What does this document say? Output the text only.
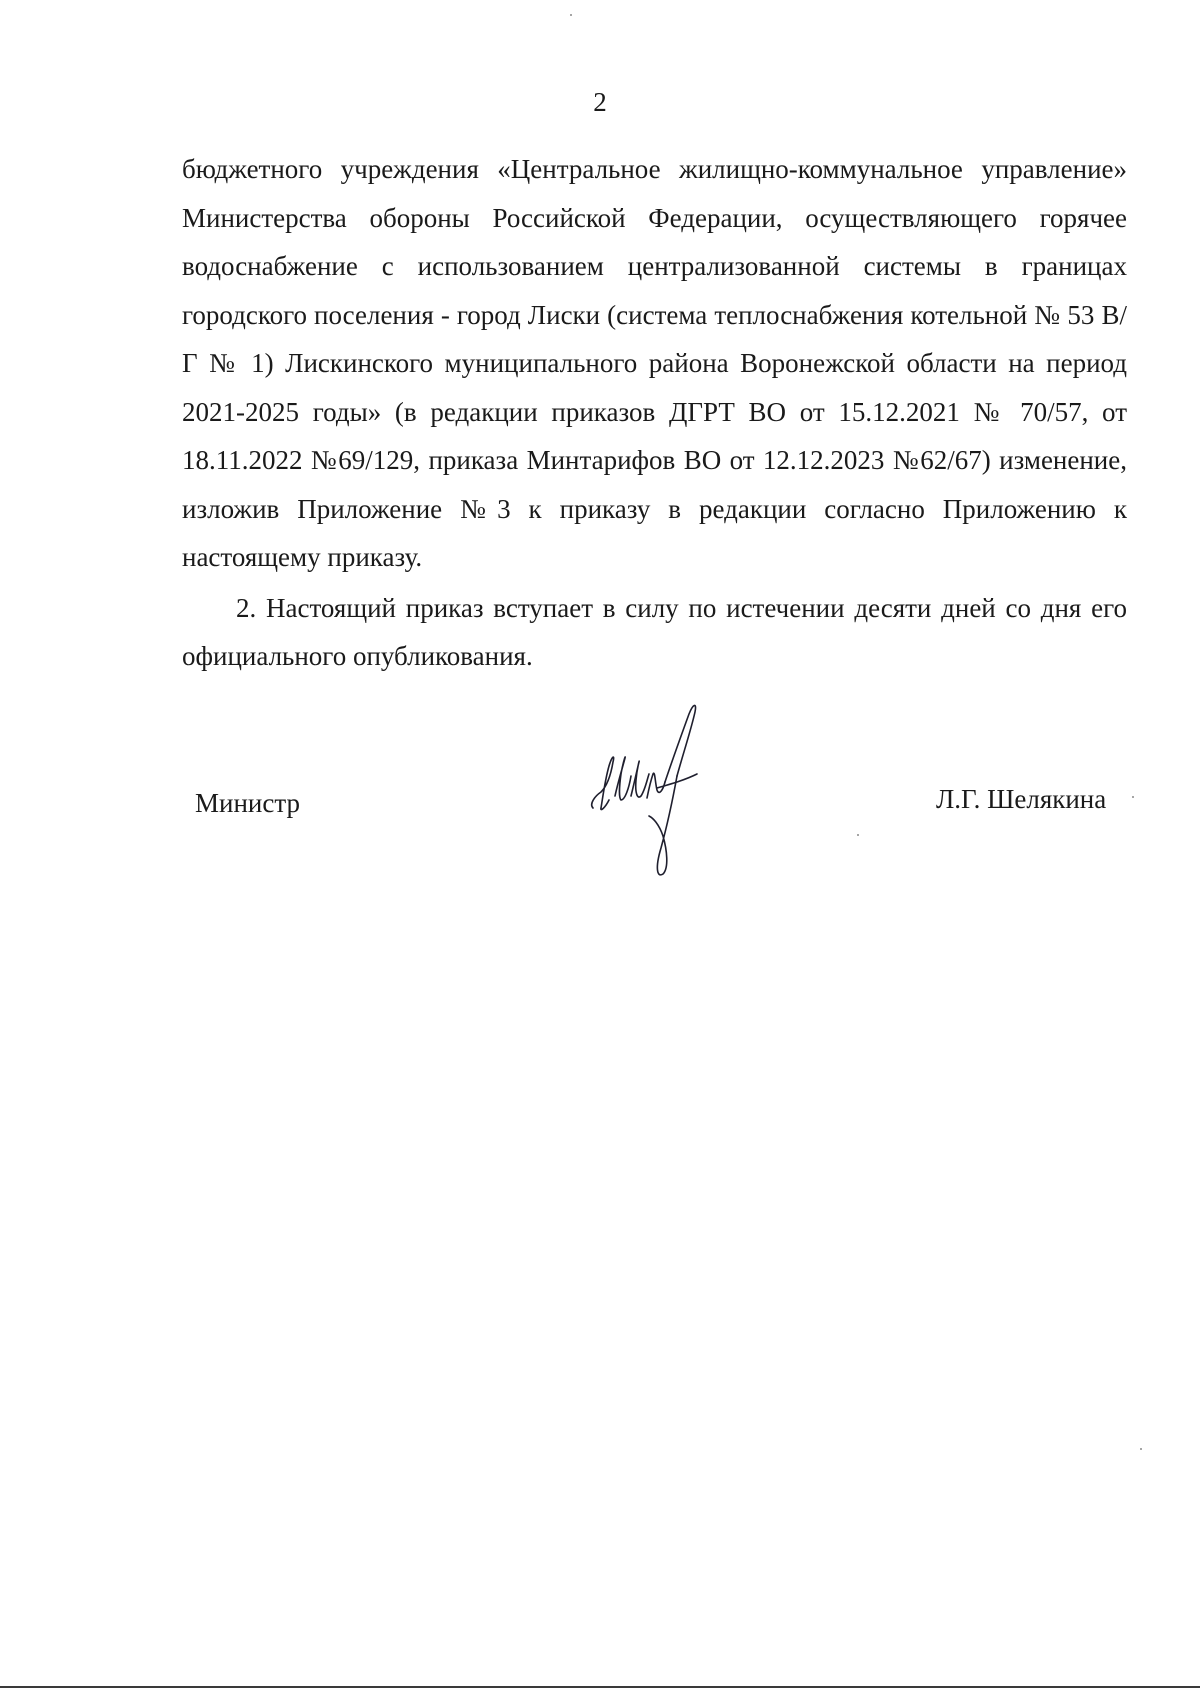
2

бюджетного учреждения «Центральное жилищно-коммунальное управление» Министерства обороны Российской Федерации, осуществляющего горячее водоснабжение с использованием централизованной системы в границах городского поселения - город Лиски (система теплоснабжения котельной № 53 В/Г № 1) Лискинского муниципального района Воронежской области на период 2021-2025 годы» (в редакции приказов ДГРТ ВО от 15.12.2021 № 70/57, от 18.11.2022 №69/129, приказа Минтарифов ВО от 12.12.2023 №62/67) изменение, изложив Приложение №3 к приказу в редакции согласно Приложению к настоящему приказу.

2. Настоящий приказ вступает в силу по истечении десяти дней со дня его официального опубликования.

Министр	Л.Г. Шелякина
